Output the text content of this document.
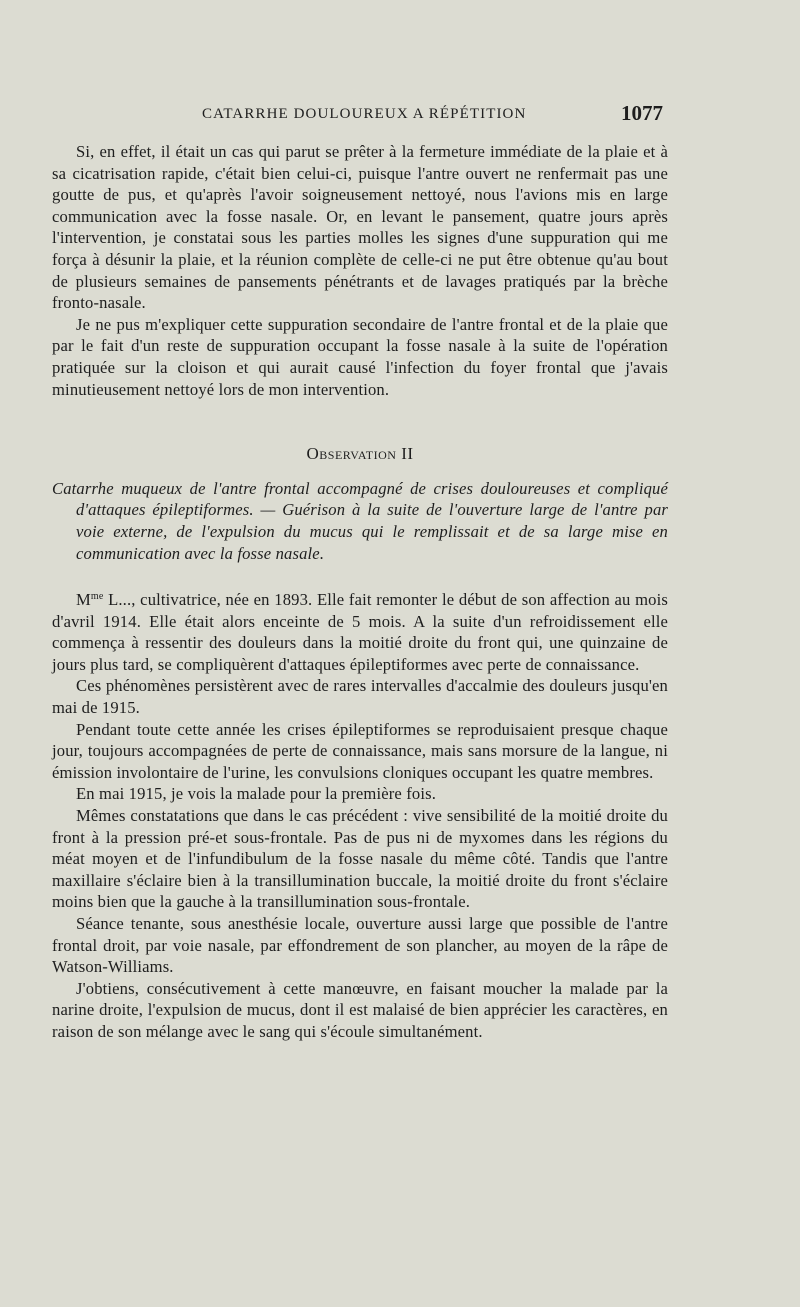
CATARRHE DOULOUREUX A RÉPÉTITION	1077

Si, en effet, il était un cas qui parut se prêter à la fermeture immédiate de la plaie et à sa cicatrisation rapide, c'était bien celui-ci, puisque l'antre ouvert ne renfermait pas une goutte de pus, et qu'après l'avoir soigneusement nettoyé, nous l'avions mis en large communication avec la fosse nasale. Or, en levant le pansement, quatre jours après l'intervention, je constatai sous les parties molles les signes d'une suppuration qui me força à désunir la plaie, et la réunion complète de celle-ci ne put être obtenue qu'au bout de plusieurs semaines de pansements pénétrants et de lavages pratiqués par la brèche fronto-nasale.

Je ne pus m'expliquer cette suppuration secondaire de l'antre frontal et de la plaie que par le fait d'un reste de suppuration occupant la fosse nasale à la suite de l'opération pratiquée sur la cloison et qui aurait causé l'infection du foyer frontal que j'avais minutieusement nettoyé lors de mon intervention.

Observation II

Catarrhe muqueux de l'antre frontal accompagné de crises douloureuses et compliqué d'attaques épileptiformes. — Guérison à la suite de l'ouverture large de l'antre par voie externe, de l'expulsion du mucus qui le remplissait et de sa large mise en communication avec la fosse nasale.

$M^{me}$ L..., cultivatrice, née en 1893. Elle fait remonter le début de son affection au mois d'avril 1914. Elle était alors enceinte de 5 mois. A la suite d'un refroidissement elle commença à ressentir des douleurs dans la moitié droite du front qui, une quinzaine de jours plus tard, se compliquèrent d'attaques épileptiformes avec perte de connaissance.

Ces phénomènes persistèrent avec de rares intervalles d'accalmie des douleurs jusqu'en mai de 1915.

Pendant toute cette année les crises épileptiformes se reproduisaient presque chaque jour, toujours accompagnées de perte de connaissance, mais sans morsure de la langue, ni émission involontaire de l'urine, les convulsions cloniques occupant les quatre membres.

En mai 1915, je vois la malade pour la première fois.

Mêmes constatations que dans le cas précédent : vive sensibilité de la moitié droite du front à la pression pré-et sous-frontale. Pas de pus ni de myxomes dans les régions du méat moyen et de l'infundibulum de la fosse nasale du même côté. Tandis que l'antre maxillaire s'éclaire bien à la transillumination buccale, la moitié droite du front s'éclaire moins bien que la gauche à la transillumination sous-frontale.

Séance tenante, sous anesthésie locale, ouverture aussi large que possible de l'antre frontal droit, par voie nasale, par effondrement de son plancher, au moyen de la râpe de Watson-Williams.

J'obtiens, consécutivement à cette manœuvre, en faisant moucher la malade par la narine droite, l'expulsion de mucus, dont il est malaisé de bien apprécier les caractères, en raison de son mélange avec le sang qui s'écoule simultanément.
